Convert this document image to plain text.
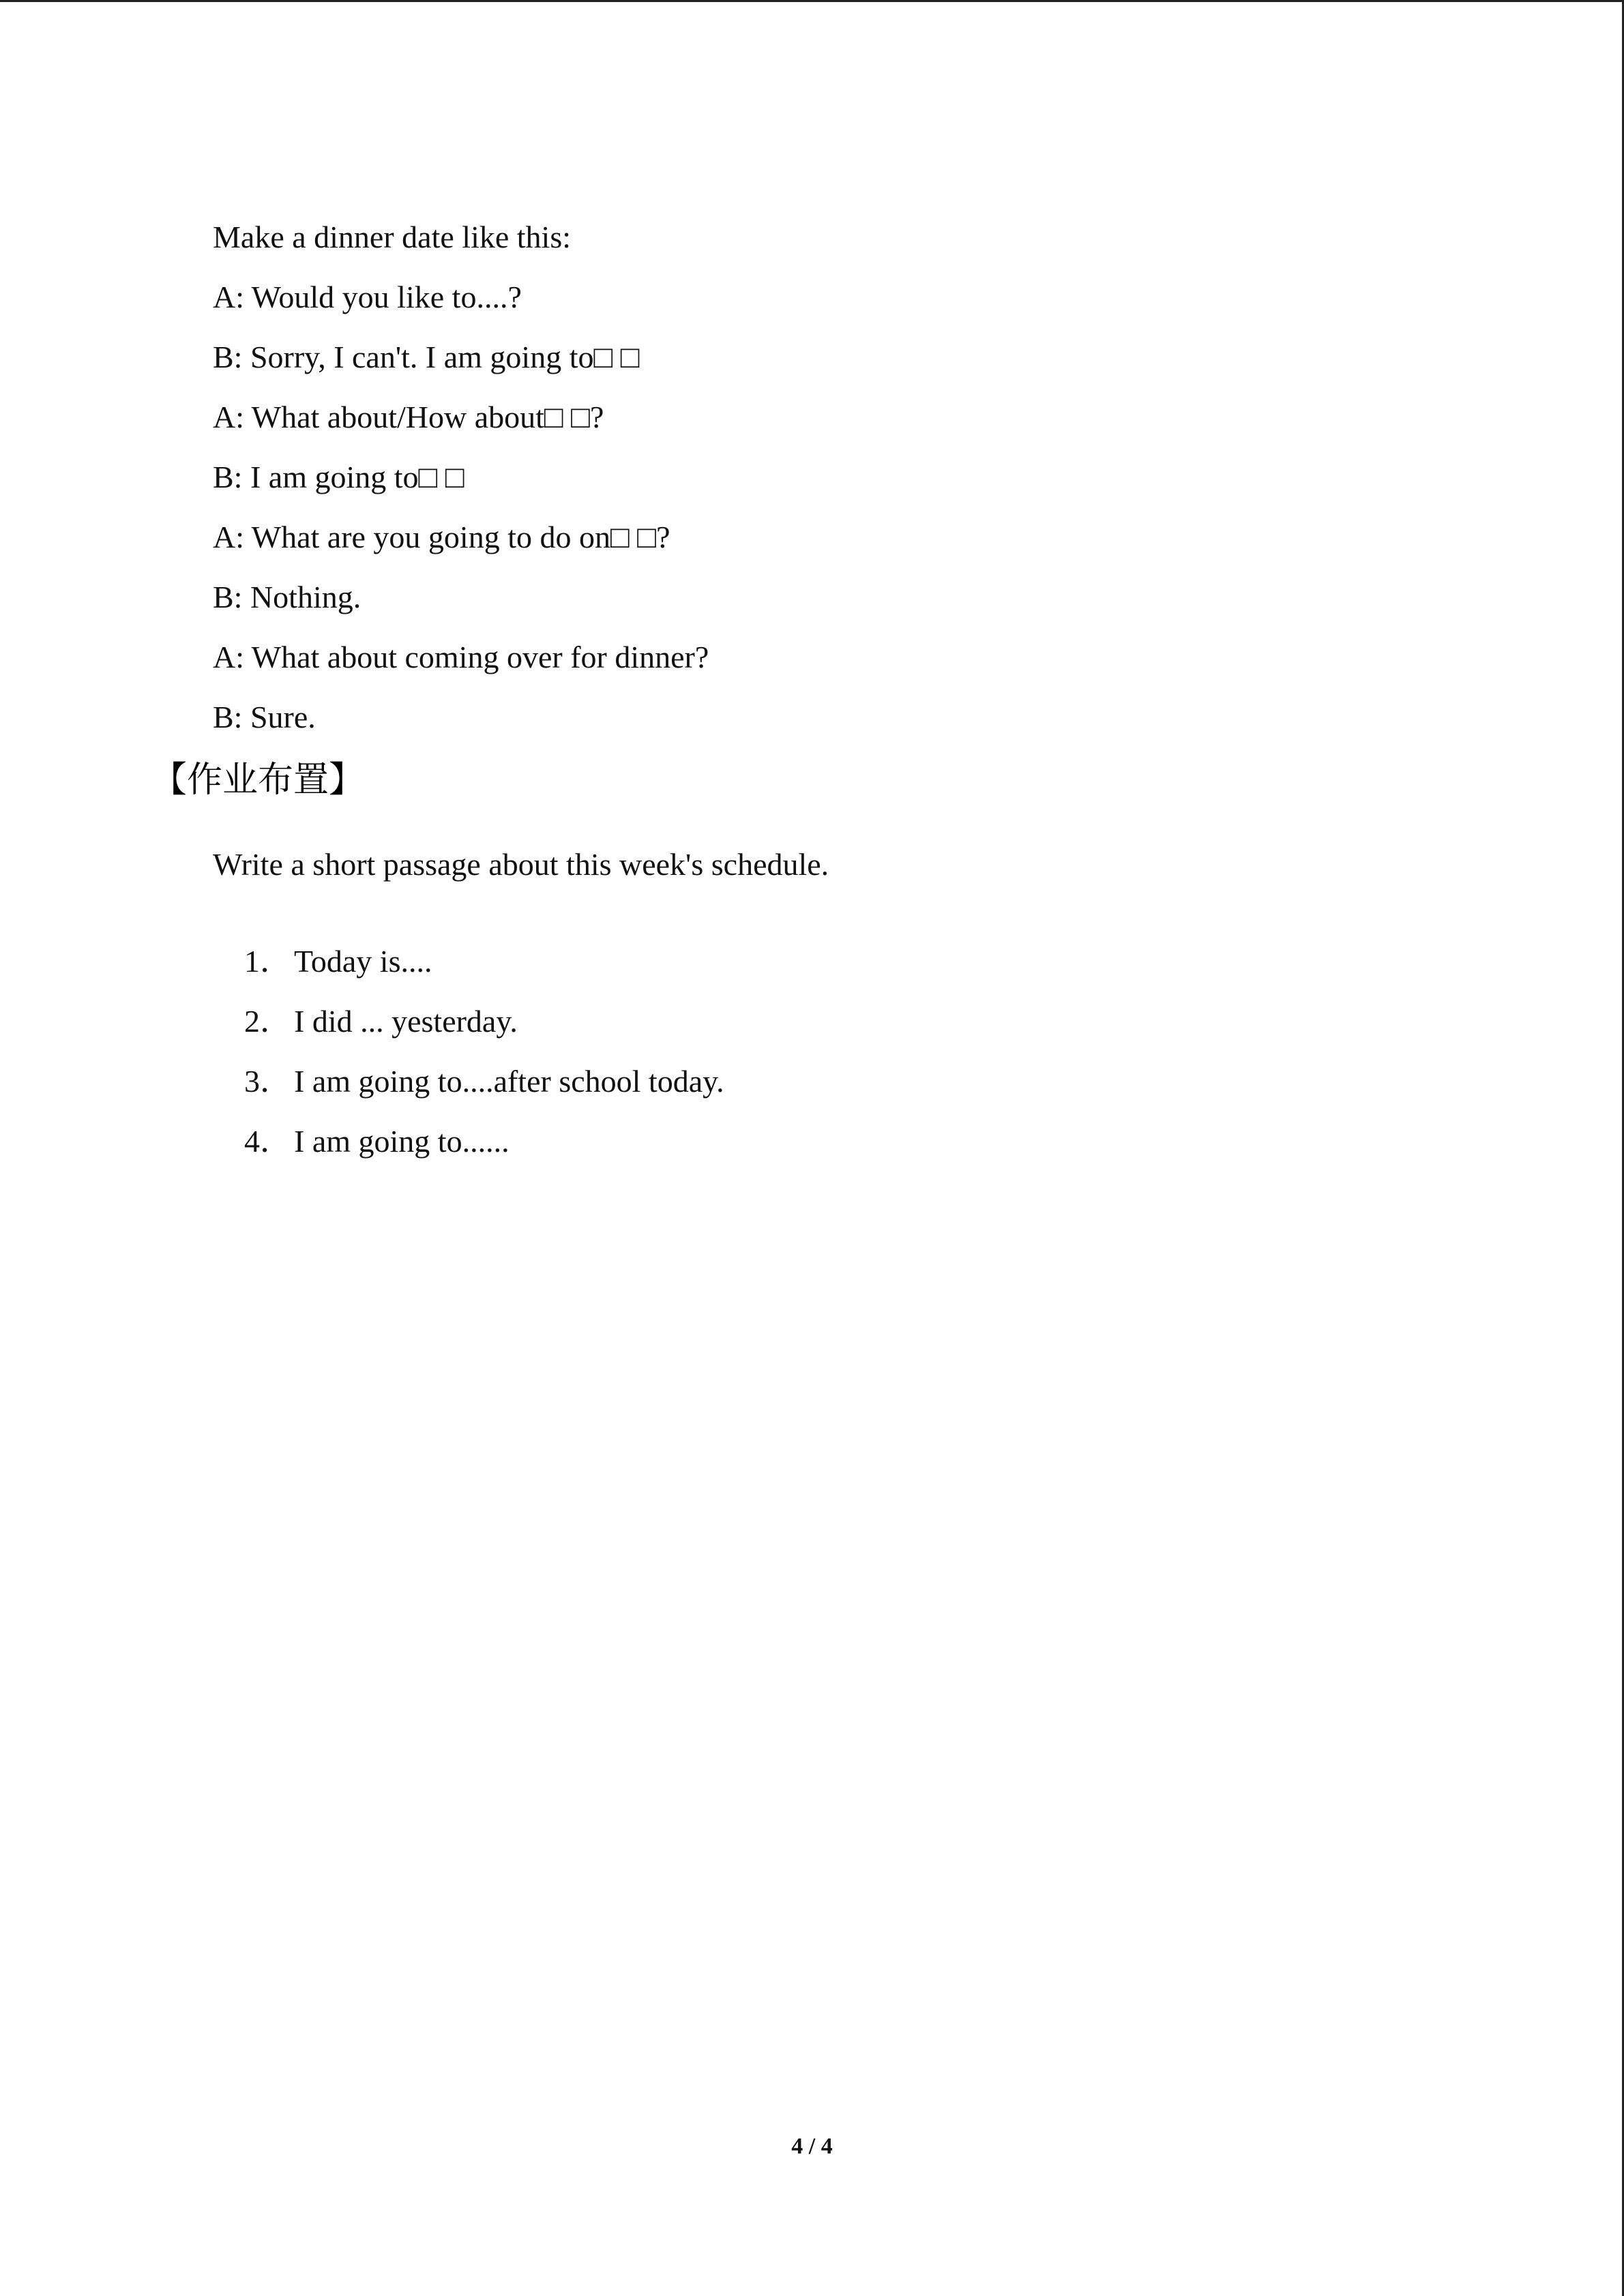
Make a dinner date like this:
A: Would you like to....?
B: Sorry, I can't. I am going to□ □
A: What about/How about□ □?
B: I am going to□ □
A: What are you going to do on□ □?
B: Nothing.
A: What about coming over for dinner?
B: Sure.
【作业布置】
Write a short passage about this week's schedule.

1．Today is....

2．I did ... yesterday.

3．I am going to....after school today.

4．I am going to......

4 / 4
